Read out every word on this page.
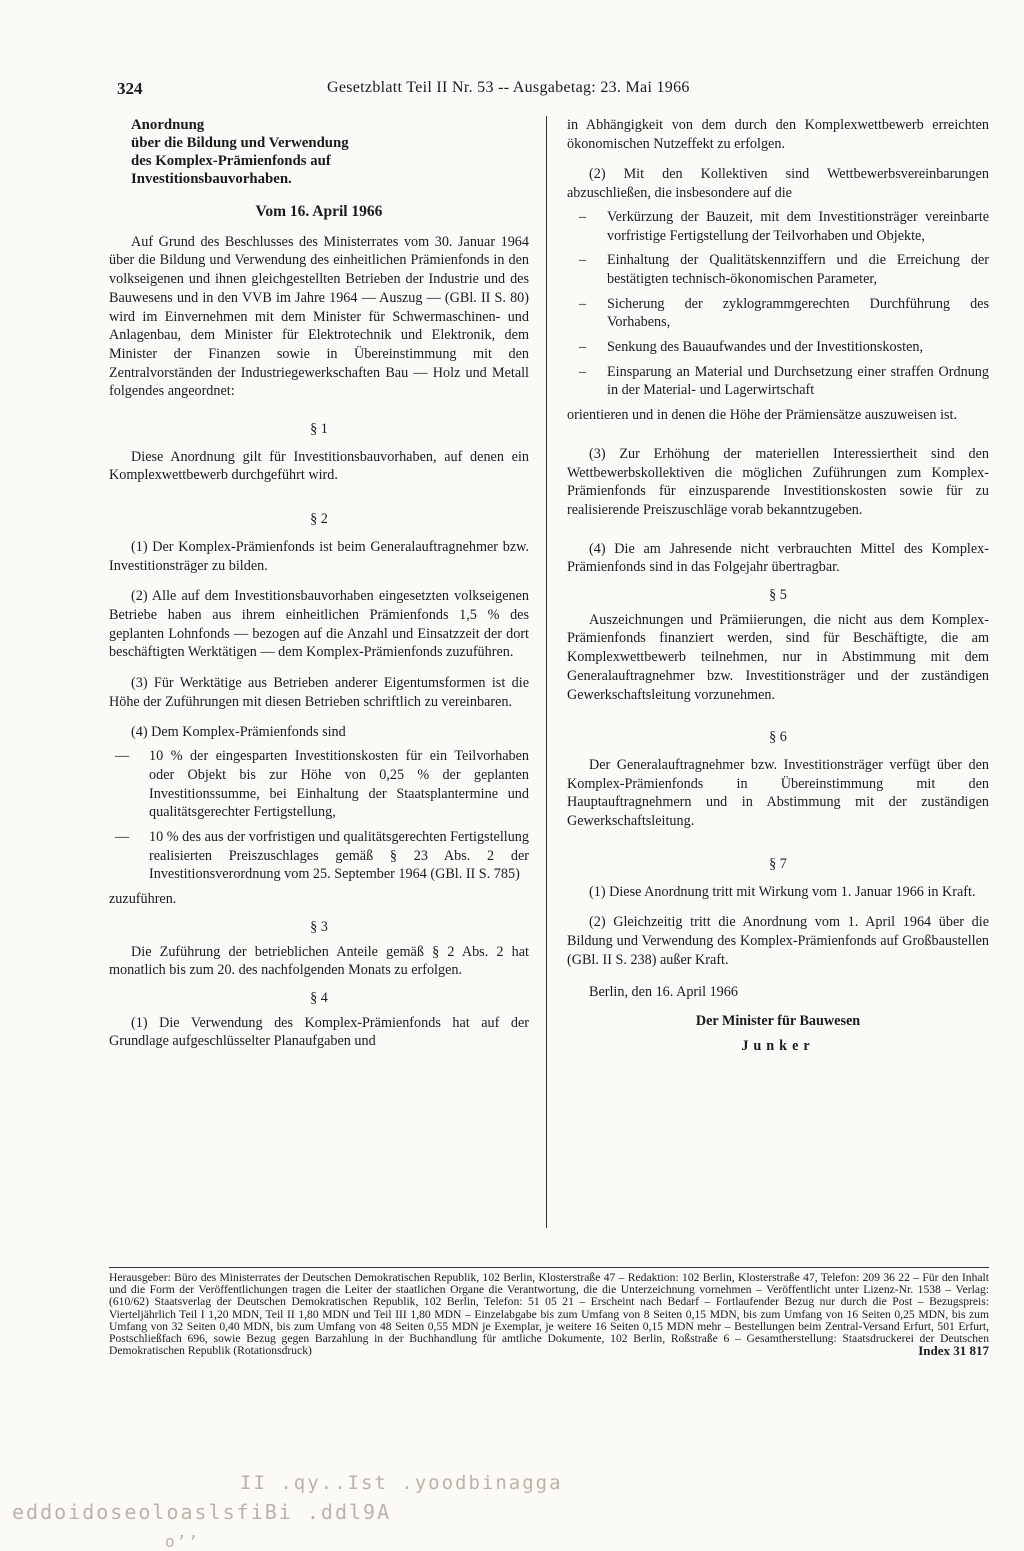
324	Gesetzblatt Teil II Nr. 53 -- Ausgabetag: 23. Mai 1966

Anordnung

über die Bildung und Verwendung

des Komplex-Prämienfonds auf

Investitionsbauvorhaben.

Vom 16. April 1966

Auf Grund des Beschlusses des Ministerrates vom 30. Januar 1964 über die Bildung und Verwendung des einheitlichen Prämienfonds in den volkseigenen und ihnen gleichgestellten Betrieben der Industrie und des Bauwesens und in den VVB im Jahre 1964 — Auszug — (GBl. II S. 80) wird im Einvernehmen mit dem Minister für Schwermaschinen- und Anlagenbau, dem Minister für Elektrotechnik und Elektronik, dem Minister der Finanzen sowie in Übereinstimmung mit den Zentralvorständen der Industriegewerkschaften Bau — Holz und Metall folgendes angeordnet:

§ 1

Diese Anordnung gilt für Investitionsbauvorhaben, auf denen ein Komplexwettbewerb durchgeführt wird.

§ 2

(1) Der Komplex-Prämienfonds ist beim Generalauftragnehmer bzw. Investitionsträger zu bilden.

(2) Alle auf dem Investitionsbauvorhaben eingesetzten volkseigenen Betriebe haben aus ihrem einheitlichen Prämienfonds 1,5 % des geplanten Lohnfonds — bezogen auf die Anzahl und Einsatzzeit der dort beschäftigten Werktätigen — dem Komplex-Prämienfonds zuzuführen.

(3) Für Werktätige aus Betrieben anderer Eigentumsformen ist die Höhe der Zuführungen mit diesen Betrieben schriftlich zu vereinbaren.

(4) Dem Komplex-Prämienfonds sind

— 10 % der eingesparten Investitionskosten für ein Teilvorhaben oder Objekt bis zur Höhe von 0,25 % der geplanten Investitionssumme, bei Einhaltung der Staatsplantermine und qualitätsgerechter Fertigstellung,
— 10 % des aus der vorfristigen und qualitätsgerechten Fertigstellung realisierten Preiszuschlages gemäß § 23 Abs. 2 der Investitionsverordnung vom 25. September 1964 (GBl. II S. 785)

zuzuführen.

§ 3

Die Zuführung der betrieblichen Anteile gemäß § 2 Abs. 2 hat monatlich bis zum 20. des nachfolgenden Monats zu erfolgen.

§ 4

(1) Die Verwendung des Komplex-Prämienfonds hat auf der Grundlage aufgeschlüsselter Planaufgaben und

in Abhängigkeit von dem durch den Komplexwettbewerb erreichten ökonomischen Nutzeffekt zu erfolgen.

(2) Mit den Kollektiven sind Wettbewerbsvereinbarungen abzuschließen, die insbesondere auf die

– Verkürzung der Bauzeit, mit dem Investitionsträger vereinbarte vorfristige Fertigstellung der Teilvorhaben und Objekte,
– Einhaltung der Qualitätskennziffern und die Erreichung der bestätigten technisch-ökonomischen Parameter,
– Sicherung der zyklogrammgerechten Durchführung des Vorhabens,
– Senkung des Bauaufwandes und der Investitionskosten,
– Einsparung an Material und Durchsetzung einer straffen Ordnung in der Material- und Lagerwirtschaft

orientieren und in denen die Höhe der Prämiensätze auszuweisen ist.

(3) Zur Erhöhung der materiellen Interessiertheit sind den Wettbewerbskollektiven die möglichen Zuführungen zum Komplex-Prämienfonds für einzusparende Investitionskosten sowie für zu realisierende Preiszuschläge vorab bekanntzugeben.

(4) Die am Jahresende nicht verbrauchten Mittel des Komplex-Prämienfonds sind in das Folgejahr übertragbar.

§ 5

Auszeichnungen und Prämiierungen, die nicht aus dem Komplex-Prämienfonds finanziert werden, sind für Beschäftigte, die am Komplexwettbewerb teilnehmen, nur in Abstimmung mit dem Generalauftragnehmer bzw. Investitionsträger und der zuständigen Gewerkschaftsleitung vorzunehmen.

§ 6

Der Generalauftragnehmer bzw. Investitionsträger verfügt über den Komplex-Prämienfonds in Übereinstimmung mit den Hauptauftragnehmern und in Abstimmung mit der zuständigen Gewerkschaftsleitung.

§ 7

(1) Diese Anordnung tritt mit Wirkung vom 1. Januar 1966 in Kraft.

(2) Gleichzeitig tritt die Anordnung vom 1. April 1964 über die Bildung und Verwendung des Komplex-Prämienfonds auf Großbaustellen (GBl. II S. 238) außer Kraft.

Berlin, den 16. April 1966

Der Minister für Bauwesen
Junker

Herausgeber: Büro des Ministerrates der Deutschen Demokratischen Republik, 102 Berlin, Klosterstraße 47 – Redaktion: 102 Berlin, Klosterstraße 47, Telefon: 209 36 22 – Für den Inhalt und die Form der Veröffentlichungen tragen die Leiter der staatlichen Organe die Verantwortung, die die Unterzeichnung vornehmen – Veröffentlicht unter Lizenz-Nr. 1538 – Verlag: (610/62) Staatsverlag der Deutschen Demokratischen Republik, 102 Berlin, Telefon: 51 05 21 – Erscheint nach Bedarf – Fortlaufender Bezug nur durch die Post – Bezugspreis: Vierteljährlich Teil I 1,20 MDN, Teil II 1,80 MDN und Teil III 1,80 MDN – Einzelabgabe bis zum Umfang von 8 Seiten 0,15 MDN, bis zum Umfang von 16 Seiten 0,25 MDN, bis zum Umfang von 32 Seiten 0,40 MDN, bis zum Umfang von 48 Seiten 0,55 MDN je Exemplar, je weitere 16 Seiten 0,15 MDN mehr – Bestellungen beim Zentral-Versand Erfurt, 501 Erfurt, Postschließfach 696, sowie Bezug gegen Barzahlung in der Buchhandlung für amtliche Dokumente, 102 Berlin, Roßstraße 6 – Gesamtherstellung: Staatsdruckerei der Deutschen Demokratischen Republik (Rotationsdruck)	Index 31 817

II .qy..Ist .yoodbinagga
eddoidoseoloaslsfiBi .ddl9A
o’’
